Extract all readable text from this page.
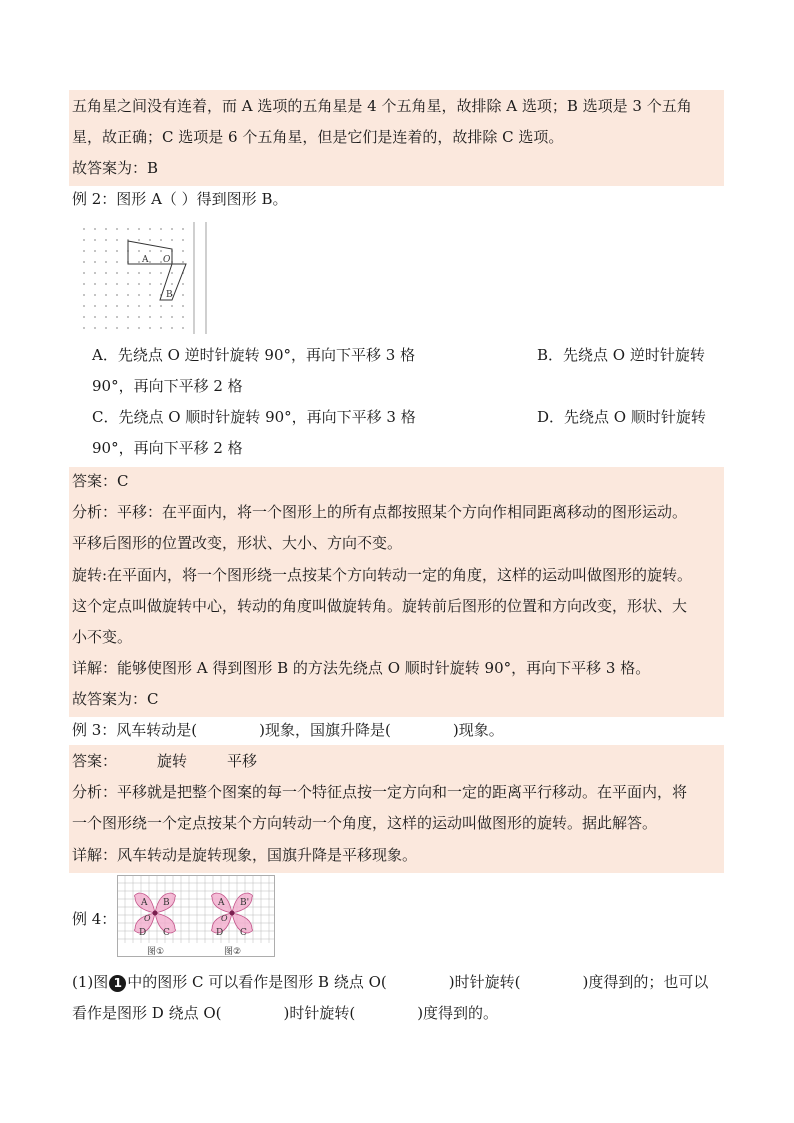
五角星之间没有连着，而 A 选项的五角星是 4 个五角星，故排除 A 选项；B 选项是 3 个五角
星，故正确；C 选项是 6 个五角星，但是它们是连着的，故排除 C 选项。
故答案为：B
例 2：图形 A（ ）得到图形 B。
A O
B
A．先绕点 O 逆时针旋转 90°，再向下平移 3 格	B．先绕点 O 逆时针旋转
90°，再向下平移 2 格
C．先绕点 O 顺时针旋转 90°，再向下平移 3 格	D．先绕点 O 顺时针旋转
90°，再向下平移 2 格
答案：C
分析：平移：在平面内，将一个图形上的所有点都按照某个方向作相同距离移动的图形运动。
平移后图形的位置改变，形状、大小、方向不变。
旋转:在平面内，将一个图形绕一点按某个方向转动一定的角度，这样的运动叫做图形的旋转。
这个定点叫做旋转中心，转动的角度叫做旋转角。旋转前后图形的位置和方向改变，形状、大
小不变。
详解：能够使图形 A 得到图形 B 的方法先绕点 O 顺时针旋转 90°，再向下平移 3 格。
故答案为：C
例 3：风车转动是(	)现象，国旗升降是(	)现象。
答案：	旋转	平移
分析：平移就是把整个图案的每一个特征点按一定方向和一定的距离平行移动。在平面内，将
一个图形绕一个定点按某个方向转动一个角度，这样的运动叫做图形的旋转。据此解答。
详解：风车转动是旋转现象，国旗升降是平移现象。
例 4：
A B
C
D
O
A B'
C
D
O
图①	图②
(1)图 1 中的图形 C 可以看作是图形 B 绕点 O(	)时针旋转(	)度得到的；也可以
看作是图形 D 绕点 O(	)时针旋转(	)度得到的。
